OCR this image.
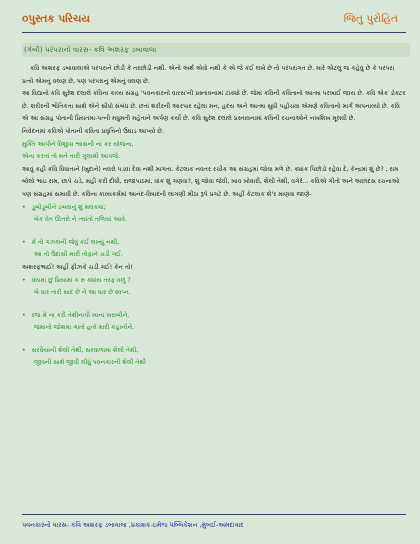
૦પુસ્તક પરિચય	જિતુ પુરોહિત
(ગૅબી) પરંપરાનો વારસ- કવિ અશરફ ડબાવાલા

કવિ અશરફ ડબાવાલાએ પરંપરાને છોડી કે તરછોડી નથી. એનો અર્થ એવો નથી કે એ જે કંઈ લખે છે તો પરંપરાગત છે. મારે એટલું જ કહેવું છે કે પરંપરા પ્રત્યે એમનું વલણ છે, પણ પરંપરાનું એમનું વલણ છે.

આ વિદ્યાનો કવિ સુરેશ દલાલે કવિના કાવ્ય સંગ્રહ 'પવનકારનો વારસ'ની પ્રસ્તાવનામાં ટાંક્યો છે. જેમાં કવિની કવિતાનો આત્મા પરખાઈ જાય છે. કવિ એક ડોક્ટર છે. શરીરની ભૌતિકતા સાથે એને સીધો સંબંધ છે. છતાં શરીરની આરપાર રહેલા મન, હૃદય અને આત્મા સુધી પહોંચવા એમણે કવિતાનો માર્ગ અપનાવ્યો છે. કવિ એ આ સંગ્રહ પોતાની પ્રિયતમા-પત્ની મધુમતી મહેતાને અર્પણ કર્યો છે. કવિ સુરેશ દલાલે પ્રસ્તાવનામાં કવિની રચનાઓને નખશિખ મૂલવી છે.

નિવેદનમાં કવિએ પોતાની કવિતા પ્રવૃત્તિનો ઉઘાડ આપ્યો છે.

મુક્તિ આપીને વિશુધ્ધ શ્વાસની ના કર યોજના,

એના કરતાં તો મને તારી ગુલામી આપજે.

આવું કહી કવિ વિધાતાને (ખુદાને) નવરો પડવા દેવા નથી માગતા. કેટલાક નવતર રચીક આ સંગ્રહમાં જોવા મળે છે. ક્યાંક પિછોડો રહેવા દે, કેન્દ્રમાં શું છે? , રામ બોલો ભાઇ રામ, છાપે ચડે, મહી કરી દીધી, રાજાપાઠમાં, વાંક શું ગણવા?, શું જોવા જેવી, ખાવ ખોવારી, શૈલી તેથી, વગેરે... કવિએ ગીતો અને અછાંદસ રચનાઓ પણ સંગ્રહમાં સમાવી છે. કવિના કાવ્યકર્મમાં આનંદ-વિષાદની લાગણી મીઠા રૂપે પ્રગટે છે. અહીં કેટલાક શે'ર માણવા જાણે-

• ડૂબીડૂબીને ડબવાનું શું મલકમાં;
બેક વેત ઊતરો ને ત્યાંતો તળિયાં આવે.
• મેં તો ગઝલની જેવું કંઈ લખ્યું નથી,
આ તો ઉદાસી મારી તોફાને ચડી ગઈ.
અશરફભાઈ! અહીં ફીઝકે ચડી ગઈ! કેન તો!
• વયમાં છું પ્રિયામાં ક રુ ક્યાંય તરફ વળું ?
બે ધાર તારી સાદ છે ને આ ધાર છે સ્વપ્ન.
• રજ મેં ના કરી તેથીનાપી ખાના ખરાબીને,
જમાનો જોશમાં ગાતો હતો મારી કહાનીને.
• સરવૈયાની શૈલી તેથી, સરવાળામાં શૈલી તેથી,
જીવની સાથે જીવી લીધું પવનકારની શૈલી તેથી
પવનકારનો વારસ- કવિ અશરફ ડબાવાલા ,પ્રકાશક-ઇમેજ પબ્લિકેશન ,મુંબઈ-અમદાવાદ
